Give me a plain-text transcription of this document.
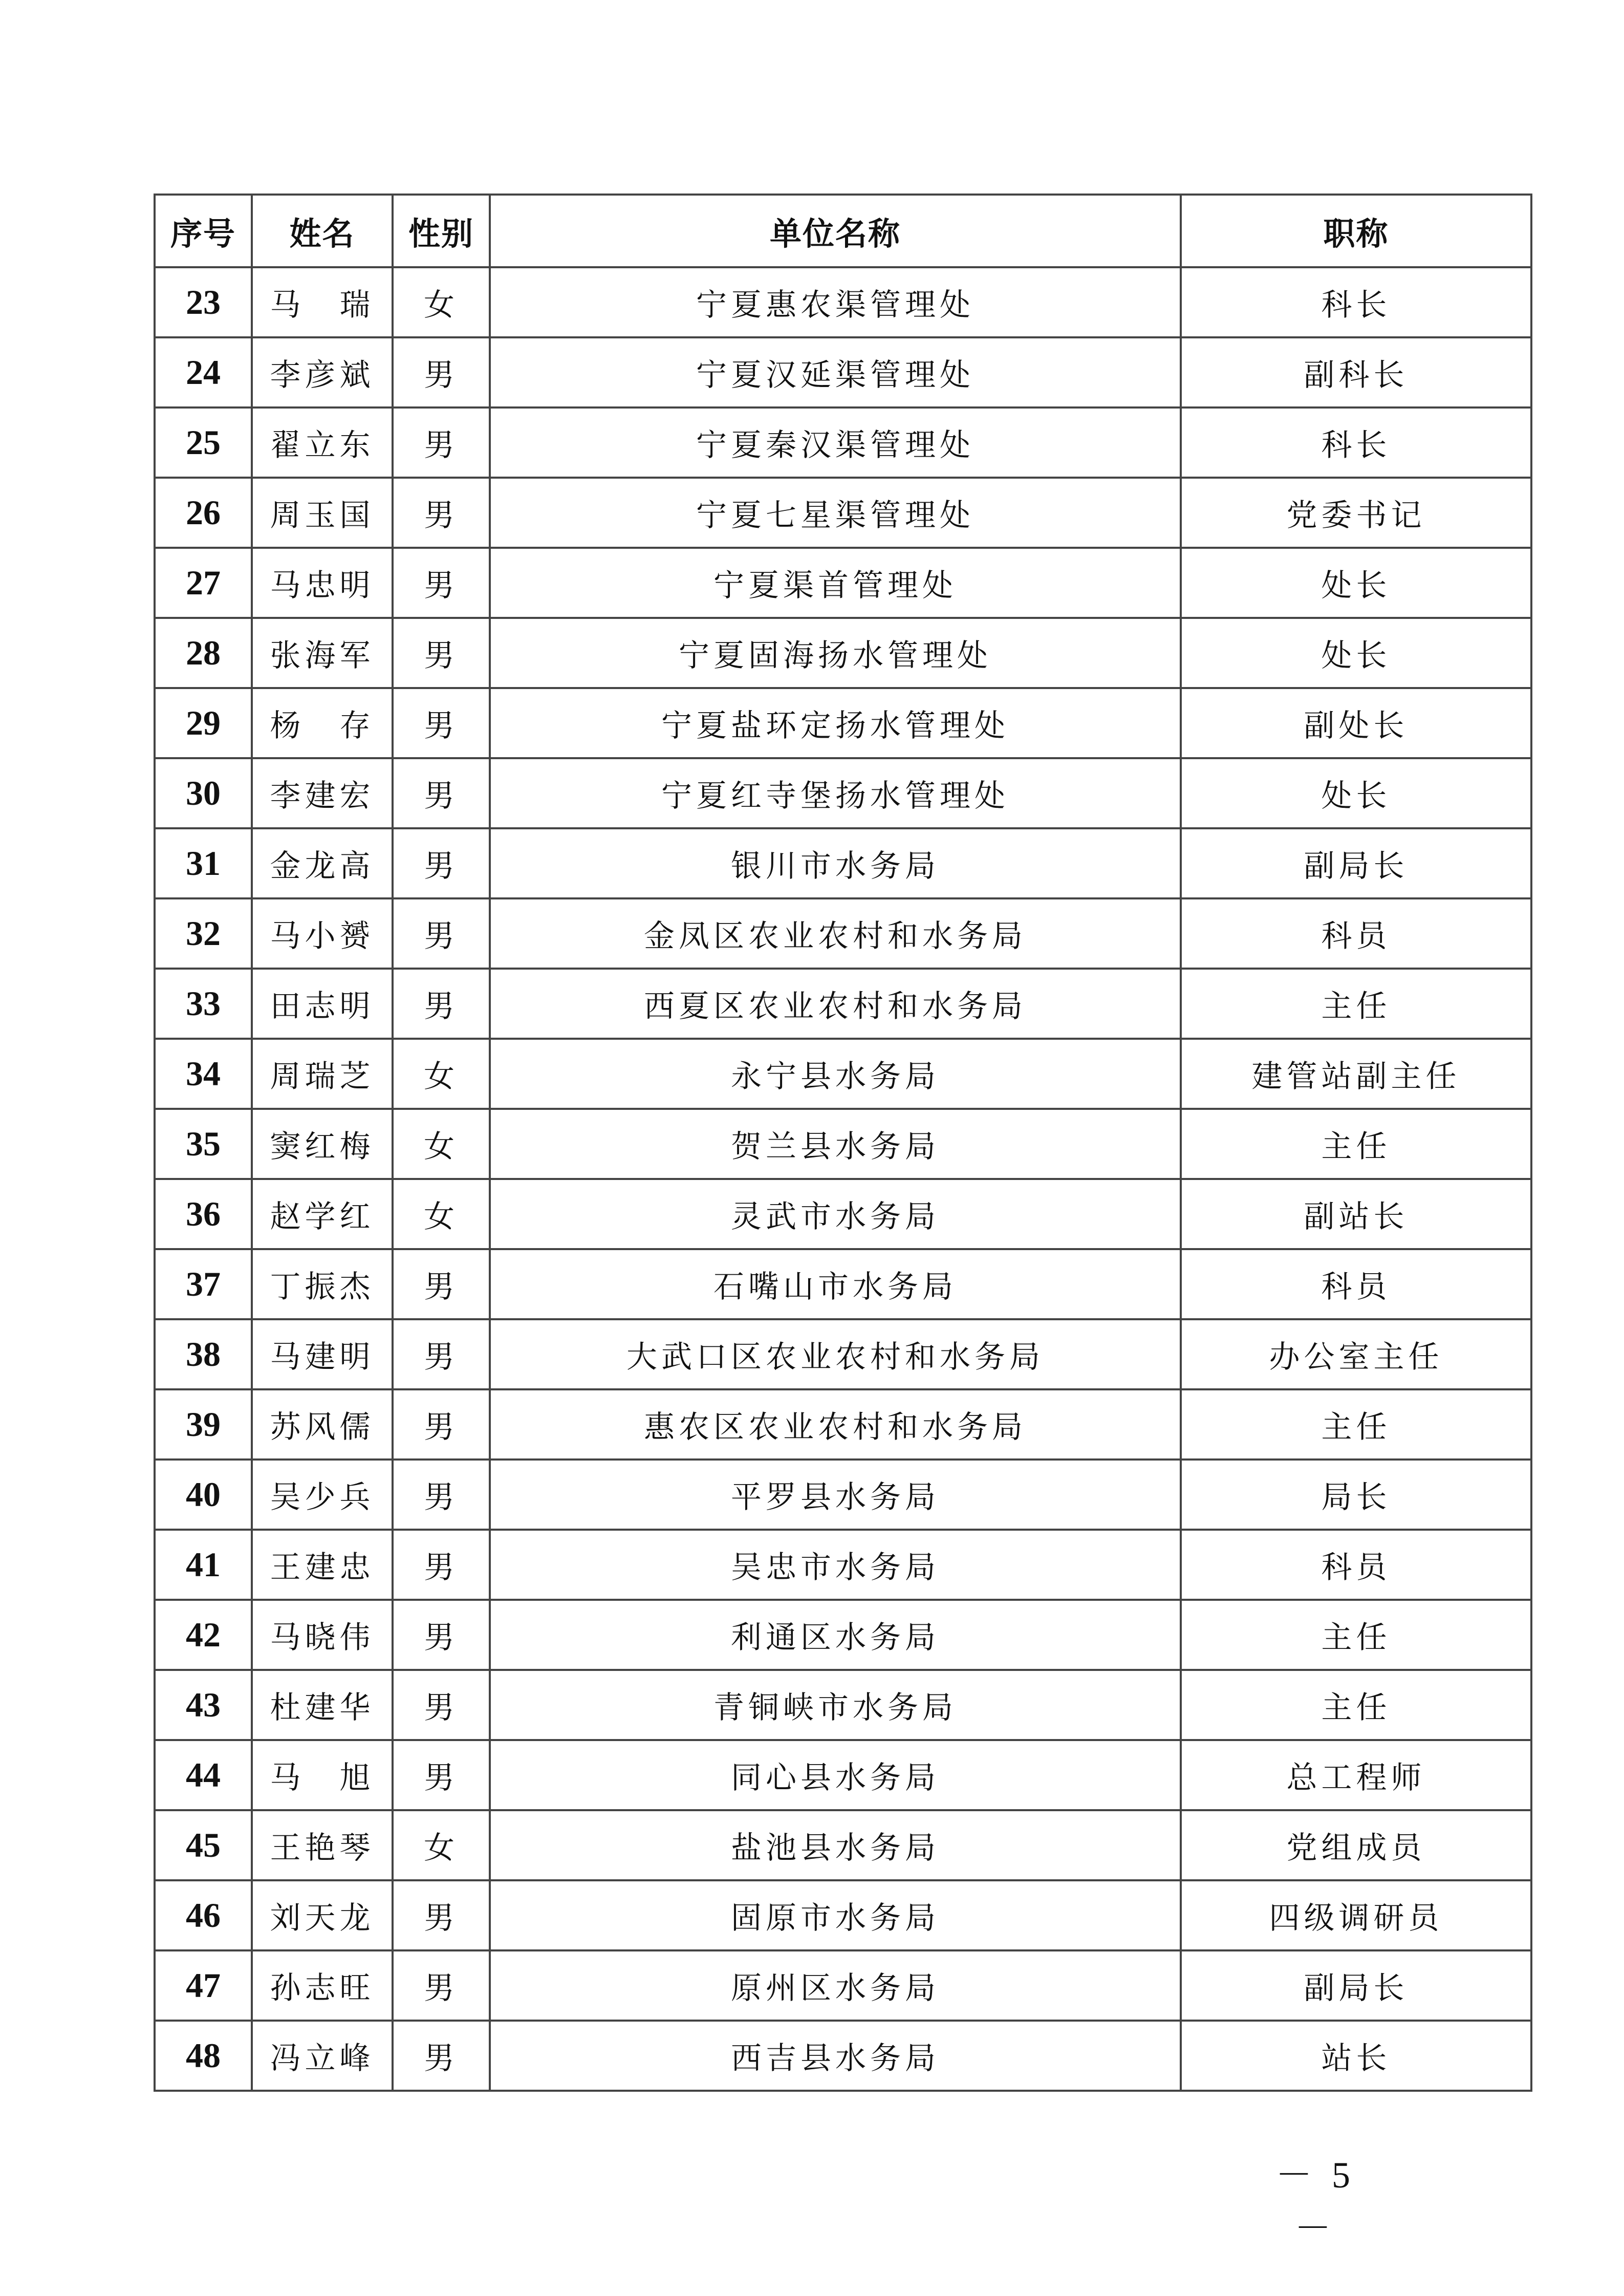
序号	姓名	性别	单位名称	职称
23	马　瑞	女	宁夏惠农渠管理处	科长
24	李彦斌	男	宁夏汉延渠管理处	副科长
25	翟立东	男	宁夏秦汉渠管理处	科长
26	周玉国	男	宁夏七星渠管理处	党委书记
27	马忠明	男	宁夏渠首管理处	处长
28	张海军	男	宁夏固海扬水管理处	处长
29	杨　存	男	宁夏盐环定扬水管理处	副处长
30	李建宏	男	宁夏红寺堡扬水管理处	处长
31	金龙高	男	银川市水务局	副局长
32	马小赟	男	金凤区农业农村和水务局	科员
33	田志明	男	西夏区农业农村和水务局	主任
34	周瑞芝	女	永宁县水务局	建管站副主任
35	窦红梅	女	贺兰县水务局	主任
36	赵学红	女	灵武市水务局	副站长
37	丁振杰	男	石嘴山市水务局	科员
38	马建明	男	大武口区农业农村和水务局	办公室主任
39	苏风儒	男	惠农区农业农村和水务局	主任
40	吴少兵	男	平罗县水务局	局长
41	王建忠	男	吴忠市水务局	科员
42	马晓伟	男	利通区水务局	主任
43	杜建华	男	青铜峡市水务局	主任
44	马　旭	男	同心县水务局	总工程师
45	王艳琴	女	盐池县水务局	党组成员
46	刘天龙	男	固原市水务局	四级调研员
47	孙志旺	男	原州区水务局	副局长
48	冯立峰	男	西吉县水务局	站长
－ 5 －
